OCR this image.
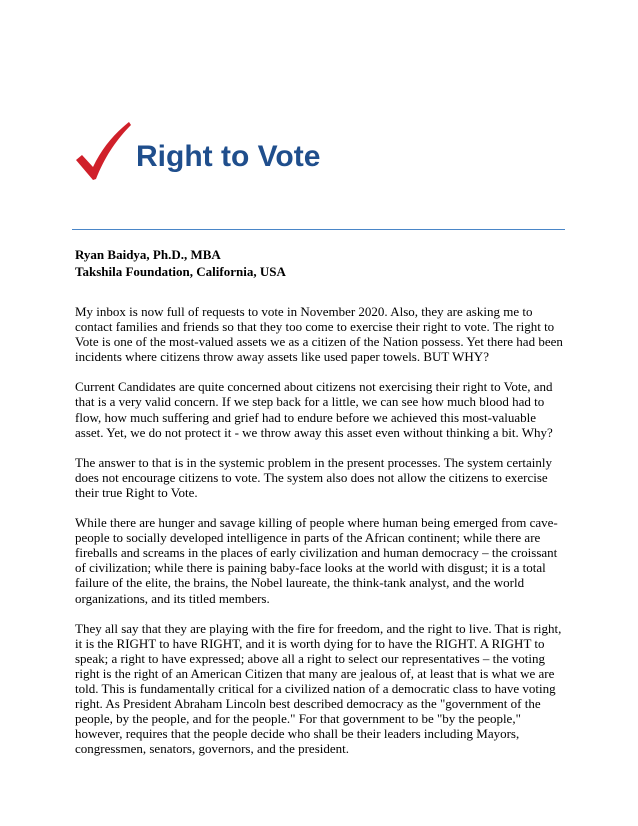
Right to Vote
Ryan Baidya, Ph.D., MBA
Takshila Foundation, California, USA

My inbox is now full of requests to vote in November 2020. Also, they are asking me to contact families and friends so that they too come to exercise their right to vote. The right to Vote is one of the most-valued assets we as a citizen of the Nation possess. Yet there had been incidents where citizens throw away assets like used paper towels. BUT WHY?

Current Candidates are quite concerned about citizens not exercising their right to Vote, and that is a very valid concern. If we step back for a little, we can see how much blood had to flow, how much suffering and grief had to endure before we achieved this most-valuable asset. Yet, we do not protect it - we throw away this asset even without thinking a bit. Why?

The answer to that is in the systemic problem in the present processes. The system certainly does not encourage citizens to vote. The system also does not allow the citizens to exercise their true Right to Vote.

While there are hunger and savage killing of people where human being emerged from cave-people to socially developed intelligence in parts of the African continent; while there are fireballs and screams in the places of early civilization and human democracy – the croissant of civilization; while there is paining baby-face looks at the world with disgust; it is a total failure of the elite, the brains, the Nobel laureate, the think-tank analyst, and the world organizations, and its titled members.

They all say that they are playing with the fire for freedom, and the right to live. That is right, it is the RIGHT to have RIGHT, and it is worth dying for to have the RIGHT. A RIGHT to speak; a right to have expressed; above all a right to select our representatives – the voting right is the right of an American Citizen that many are jealous of, at least that is what we are told. This is fundamentally critical for a civilized nation of a democratic class to have voting right. As President Abraham Lincoln best described democracy as the "government of the people, by the people, and for the people." For that government to be "by the people," however, requires that the people decide who shall be their leaders including Mayors, congressmen, senators, governors, and the president.
